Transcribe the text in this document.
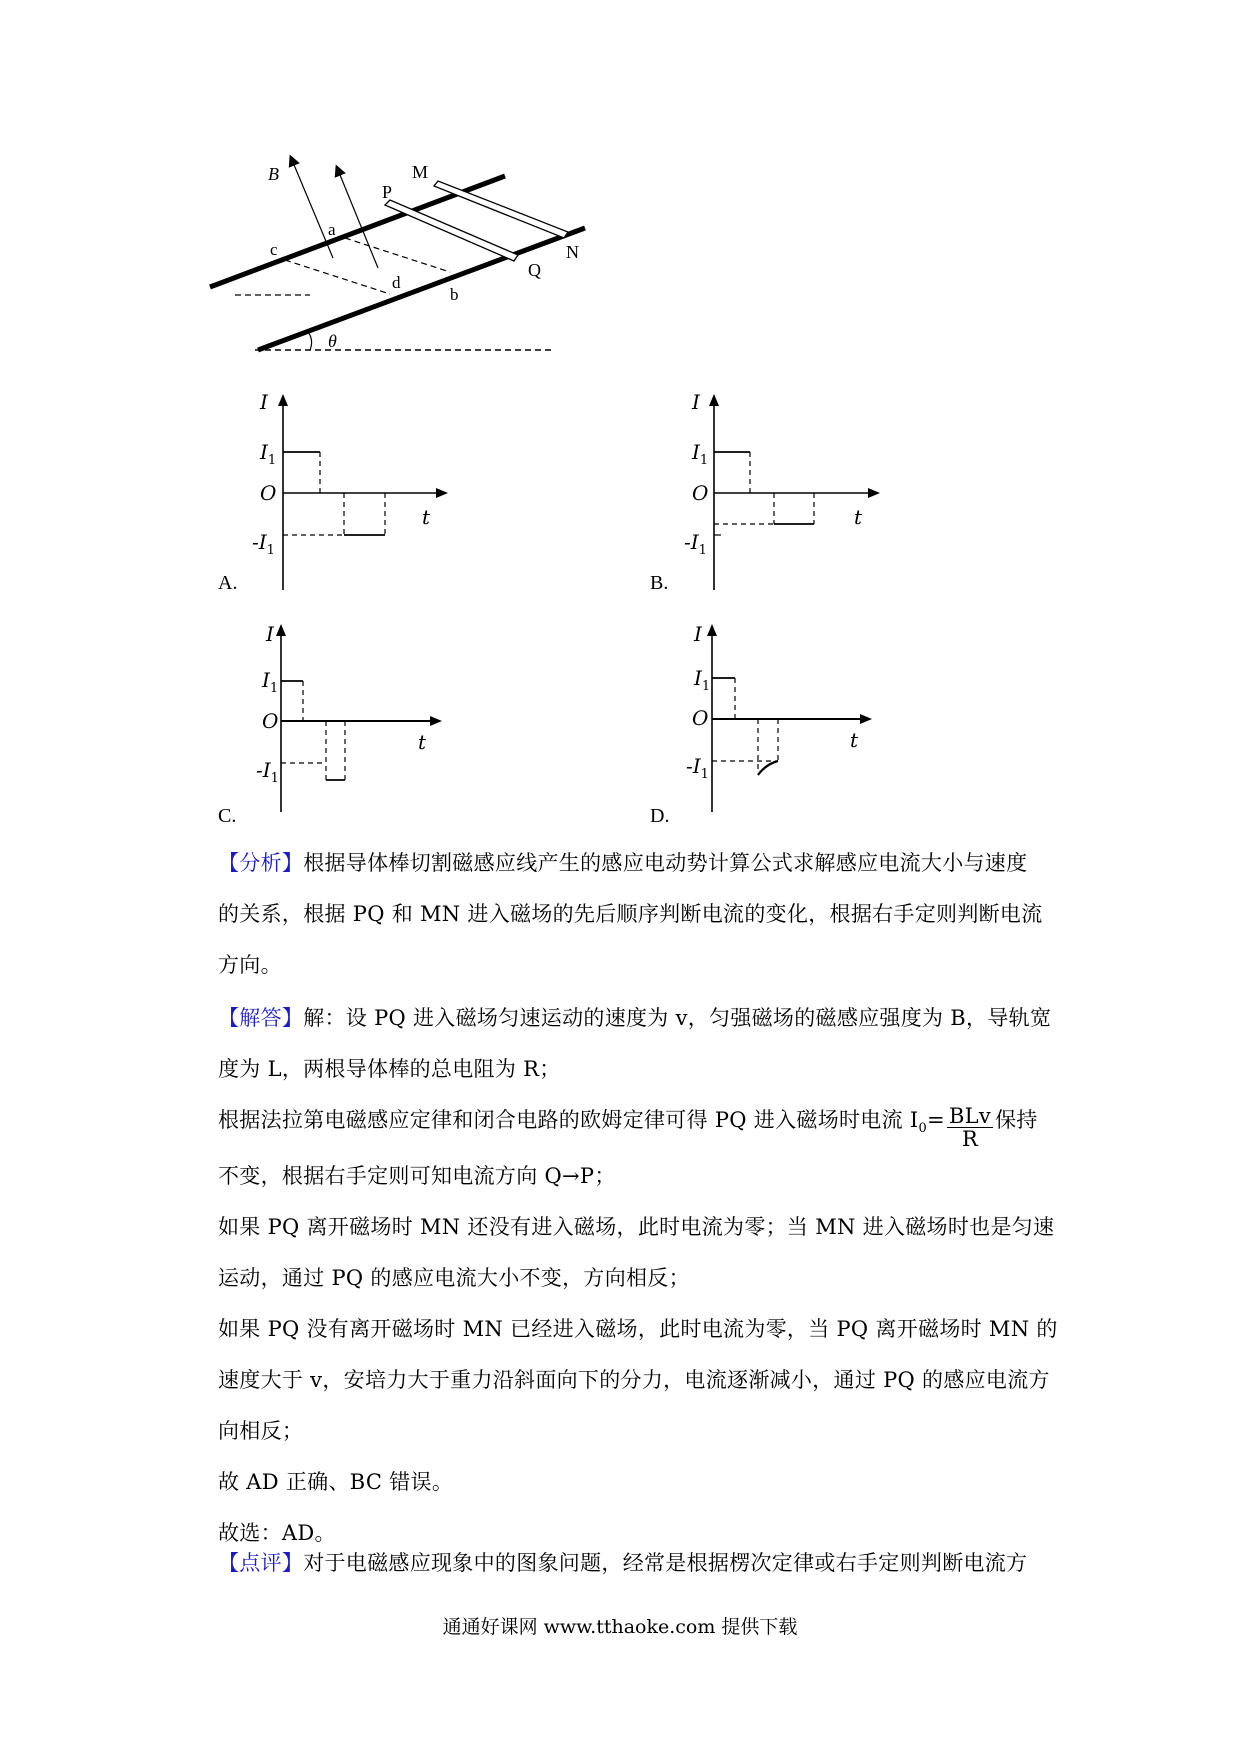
B	M
P
N
Q
a
b
c
d
θ
I
t
O
$I_1$
$-I_1$
A.
I
t
O
$I_1$
$-I_1$
B.
I
t
O
$I_1$
$-I_1$
C.
I
t
O
$I_1$
$-I_1$
D.
【分析】根据导体棒切割磁感应线产生的感应电动势计算公式求解感应电流大小与速度
的关系，根据 PQ 和 MN 进入磁场的先后顺序判断电流的变化，根据右手定则判断电流
方向。
【解答】解：设 PQ 进入磁场匀速运动的速度为 v，匀强磁场的磁感应强度为 B，导轨宽
度为 L，两根导体棒的总电阻为 R；
根据法拉第电磁感应定律和闭合电路的欧姆定律可得 PQ 进入磁场时电流 $I_0= \frac{\text{BLv}}{R}$ 保持
不变，根据右手定则可知电流方向 Q→P；
如果 PQ 离开磁场时 MN 还没有进入磁场，此时电流为零；当 MN 进入磁场时也是匀速
运动，通过 PQ 的感应电流大小不变，方向相反；
如果 PQ 没有离开磁场时 MN 已经进入磁场，此时电流为零，当 PQ 离开磁场时 MN 的
速度大于 v，安培力大于重力沿斜面向下的分力，电流逐渐减小，通过 PQ 的感应电流方
向相反；
故 AD 正确、BC 错误。
故选：AD。
【点评】对于电磁感应现象中的图象问题，经常是根据楞次定律或右手定则判断电流方
通通好课网 www.tthaoke.com 提供下载
